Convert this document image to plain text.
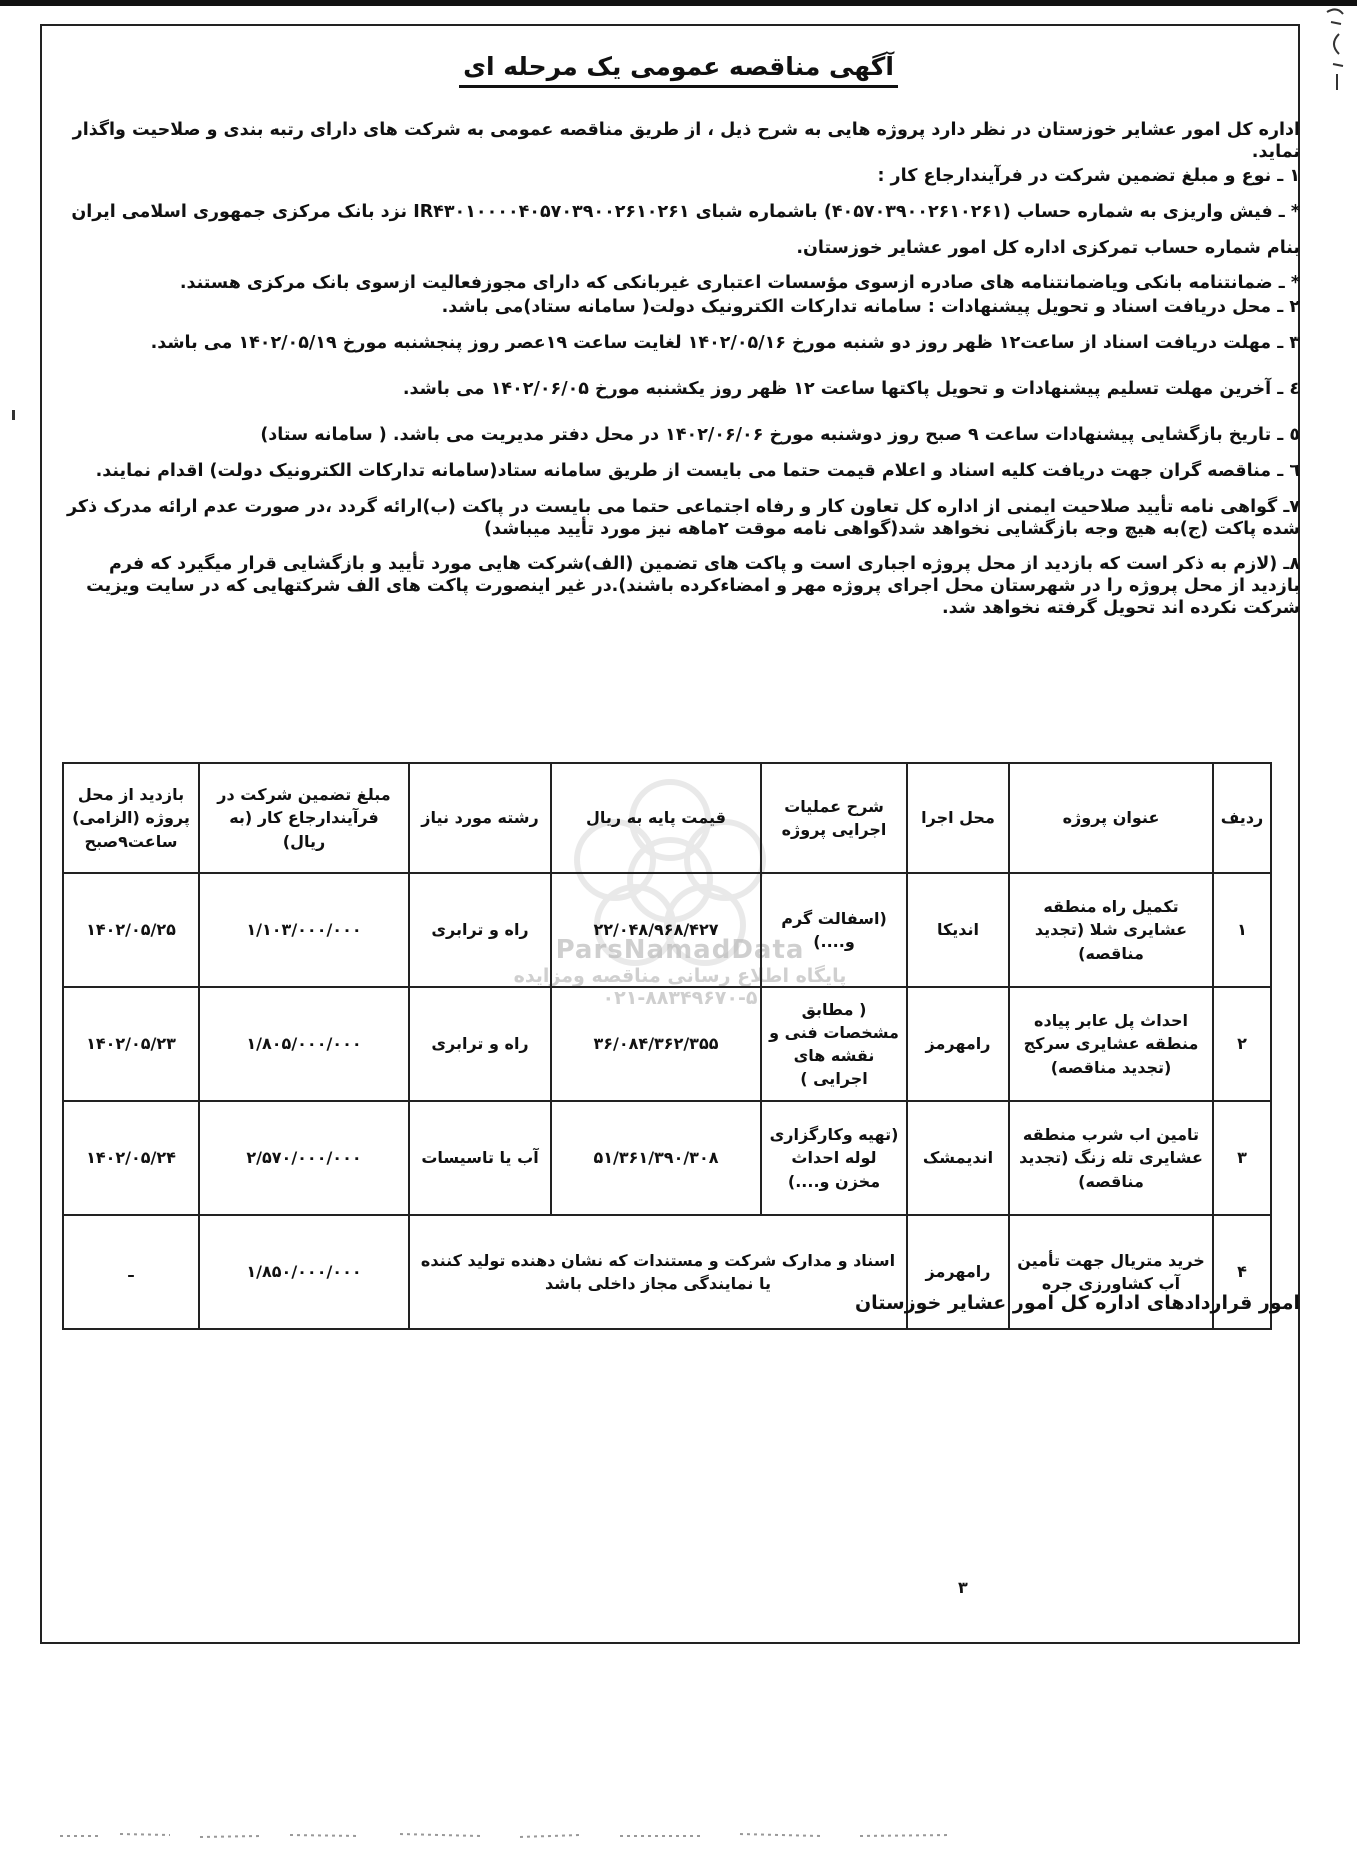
آگهی مناقصه عمومی یک مرحله ای

اداره کل امور عشایر خوزستان در نظر دارد پروژه هایی به شرح ذیل ، از طریق مناقصه عمومی به شرکت های دارای رتبه بندی و صلاحیت واگذار نماید.

۱ ـ نوع و مبلغ تضمین شرکت در فرآیندارجاع کار :

* ـ فیش واریزی به شماره حساب (۴۰۵۷۰۳۹۰۰۲۶۱۰۲۶۱) باشماره شبای IR۴۳۰۱۰۰۰۰۴۰۵۷۰۳۹۰۰۲۶۱۰۲۶۱ نزد بانک مرکزی جمهوری اسلامی ایران

بنام شماره حساب تمرکزی اداره کل امور عشایر خوزستان.

* ـ ضمانتنامه بانکی ویاضمانتنامه های صادره ازسوی مؤسسات اعتباری غیربانکی که دارای مجوزفعالیت ازسوی بانک مرکزی هستند.

۲ ـ محل دریافت اسناد و تحویل پیشنهادات : سامانه تدارکات الکترونیک دولت( سامانه ستاد)می باشد.

۳ ـ مهلت دریافت اسناد از ساعت۱۲ ظهر روز دو شنبه مورخ ۱۴۰۲/۰۵/۱۶ لغایت ساعت ۱۹عصر روز پنجشنبه مورخ ۱۴۰۲/۰۵/۱۹ می باشد.

٤ ـ آخرین مهلت تسلیم پیشنهادات و تحویل پاکتها ساعت ۱۲ ظهر روز یکشنبه مورخ ۱۴۰۲/۰۶/۰۵ می باشد.

٥ ـ تاریخ بازگشایی پیشنهادات ساعت ۹ صبح روز دوشنبه مورخ ۱۴۰۲/۰۶/۰۶ در محل دفتر مدیریت می باشد. ( سامانه ستاد)

٦ ـ مناقصه گران جهت دریافت کلیه اسناد و اعلام قیمت حتما می بایست از طریق سامانه ستاد(سامانه تدارکات الکترونیک دولت) اقدام نمایند.

۷ـ گواهی نامه تأیید صلاحیت ایمنی از اداره کل تعاون کار و رفاه اجتماعی حتما می بایست در پاکت (ب)ارائه گردد ،در صورت عدم ارائه مدرک ذکر شده پاکت (ج)به هیچ وجه بازگشایی نخواهد شد(گواهی نامه موقت ۲ماهه نیز مورد تأیید میباشد)

۸ـ (لازم به ذکر است که بازدید از محل پروژه اجباری است و پاکت های تضمین (الف)شرکت هایی مورد تأیید و بازگشایی قرار میگیرد که فرم بازدید از محل پروژه را در شهرستان محل اجرای پروژه مهر و امضاءکرده باشند).در غیر اینصورت پاکت های الف شرکتهایی که در سایت ویزیت شرکت نکرده اند تحویل گرفته نخواهد شد.

ParsNamadData
پایگاه اطلاع رسانی مناقصه ومزایده
۰۲۱-۸۸۳۴۹۶۷۰-۵
ردیف	عنوان پروژه	محل اجرا	شرح عملیات اجرایی پروژه	قیمت پایه به ریال	رشته مورد نیاز	مبلغ تضمین شرکت در فرآیندارجاع کار (به ریال)	بازدید از محل پروژه (الزامی) ساعت۹صبح
۱	تکمیل راه منطقه عشایری شلا (تجدید مناقصه)	اندیکا	(اسفالت گرم و....)	۲۲/۰۴۸/۹۶۸/۴۲۷	راه و ترابری	۱/۱۰۳/۰۰۰/۰۰۰	۱۴۰۲/۰۵/۲۵
۲	احداث پل عابر پیاده منطقه عشایری سرکج (تجدید مناقصه)	رامهرمز	( مطابق مشخصات فنی و نقشه های اجرایی )	۳۶/۰۸۴/۳۶۲/۳۵۵	راه و ترابری	۱/۸۰۵/۰۰۰/۰۰۰	۱۴۰۲/۰۵/۲۳
۳	تامین اب شرب منطقه عشایری تله زنگ (تجدید مناقصه)	اندیمشک	(تهیه وکارگزاری لوله احداث مخزن و....)	۵۱/۳۶۱/۳۹۰/۳۰۸	آب یا تاسیسات	۲/۵۷۰/۰۰۰/۰۰۰	۱۴۰۲/۰۵/۲۴
۴	خرید متریال جهت تأمین آب کشاورزی جره	رامهرمز	اسناد و مدارک شرکت و مستندات که نشان دهنده تولید کننده یا نمایندگی مجاز داخلی باشد			۱/۸۵۰/۰۰۰/۰۰۰	ـ
امور قراردادهای اداره کل امور عشایر خوزستان
۳
